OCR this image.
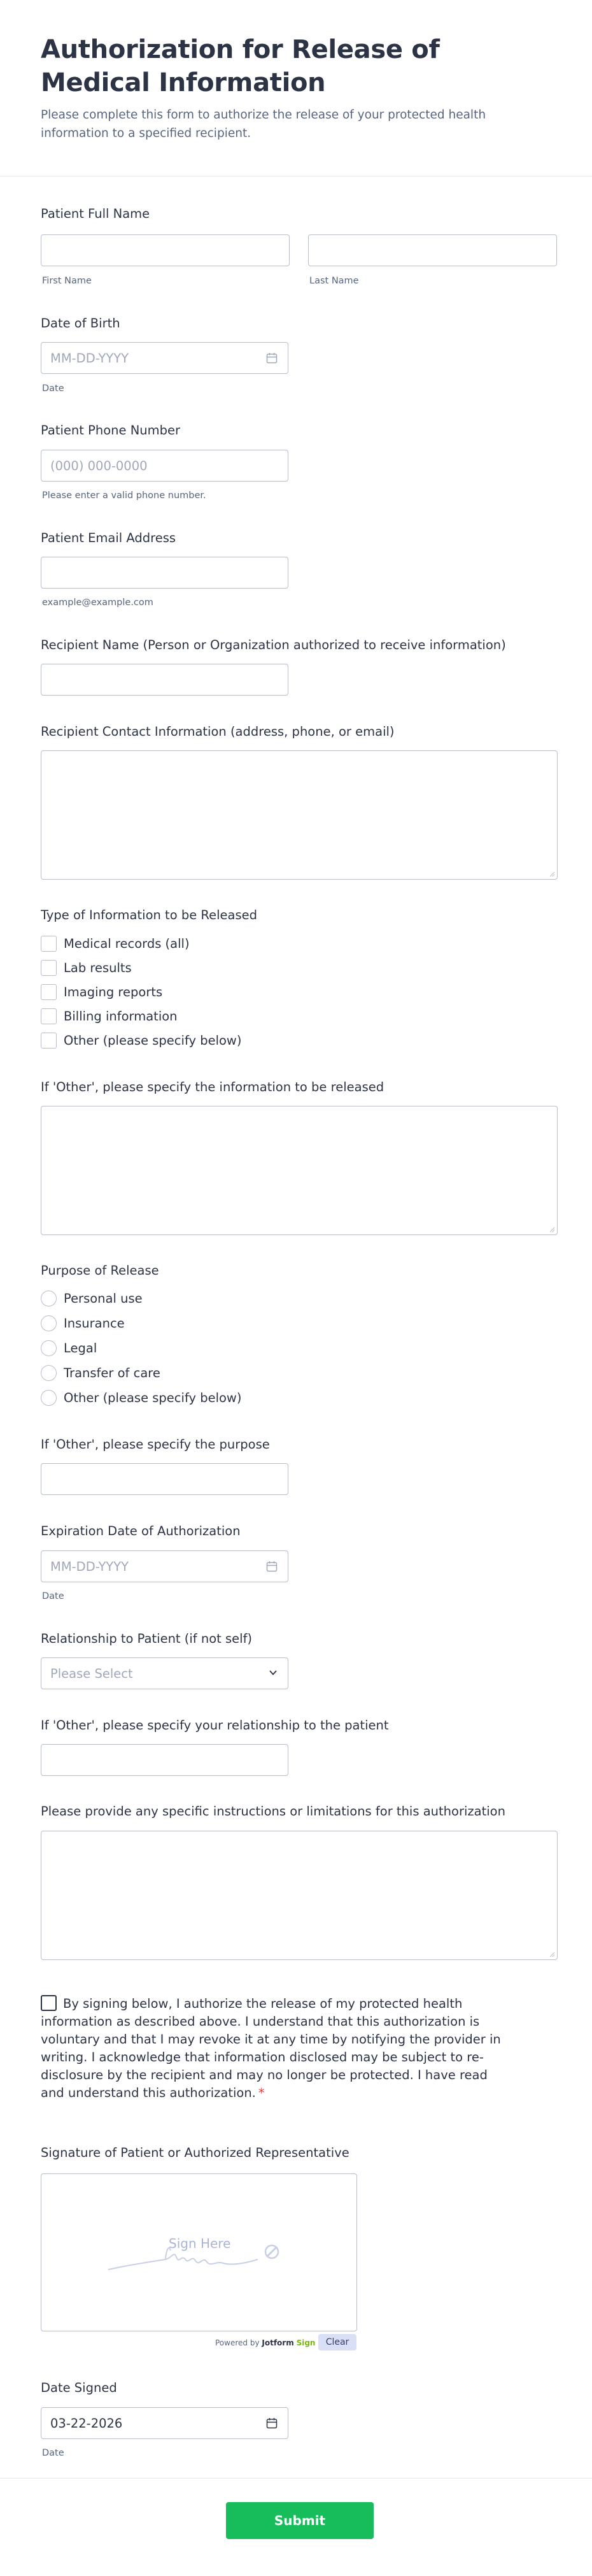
Authorization for Release of Medical Information

Please complete this form to authorize the release of your protected health information to a specified recipient.

Patient Full Name
First Name	Last Name
Date of Birth
MM-DD-YYYY
Date
Patient Phone Number
(000) 000-0000
Please enter a valid phone number.
Patient Email Address
example@example.com
Recipient Name (Person or Organization authorized to receive information)
Recipient Contact Information (address, phone, or email)
Type of Information to be Released
Medical records (all)
Lab results
Imaging reports
Billing information
Other (please specify below)
If 'Other', please specify the information to be released
Purpose of Release
Personal use
Insurance
Legal
Transfer of care
Other (please specify below)
If 'Other', please specify the purpose
Expiration Date of Authorization
MM-DD-YYYY
Date
Relationship to Patient (if not self)
Please Select
If 'Other', please specify your relationship to the patient
Please provide any specific instructions or limitations for this authorization
By signing below, I authorize the release of my protected health information as described above. I understand that this authorization is voluntary and that I may revoke it at any time by notifying the provider in writing. I acknowledge that information disclosed may be subject to re-disclosure by the recipient and may no longer be protected. I have read and understand this authorization. *
Signature of Patient or Authorized Representative
Sign Here
Powered by Jotform Sign	Clear
Date Signed
03-22-2026
Date
Submit Authorization
